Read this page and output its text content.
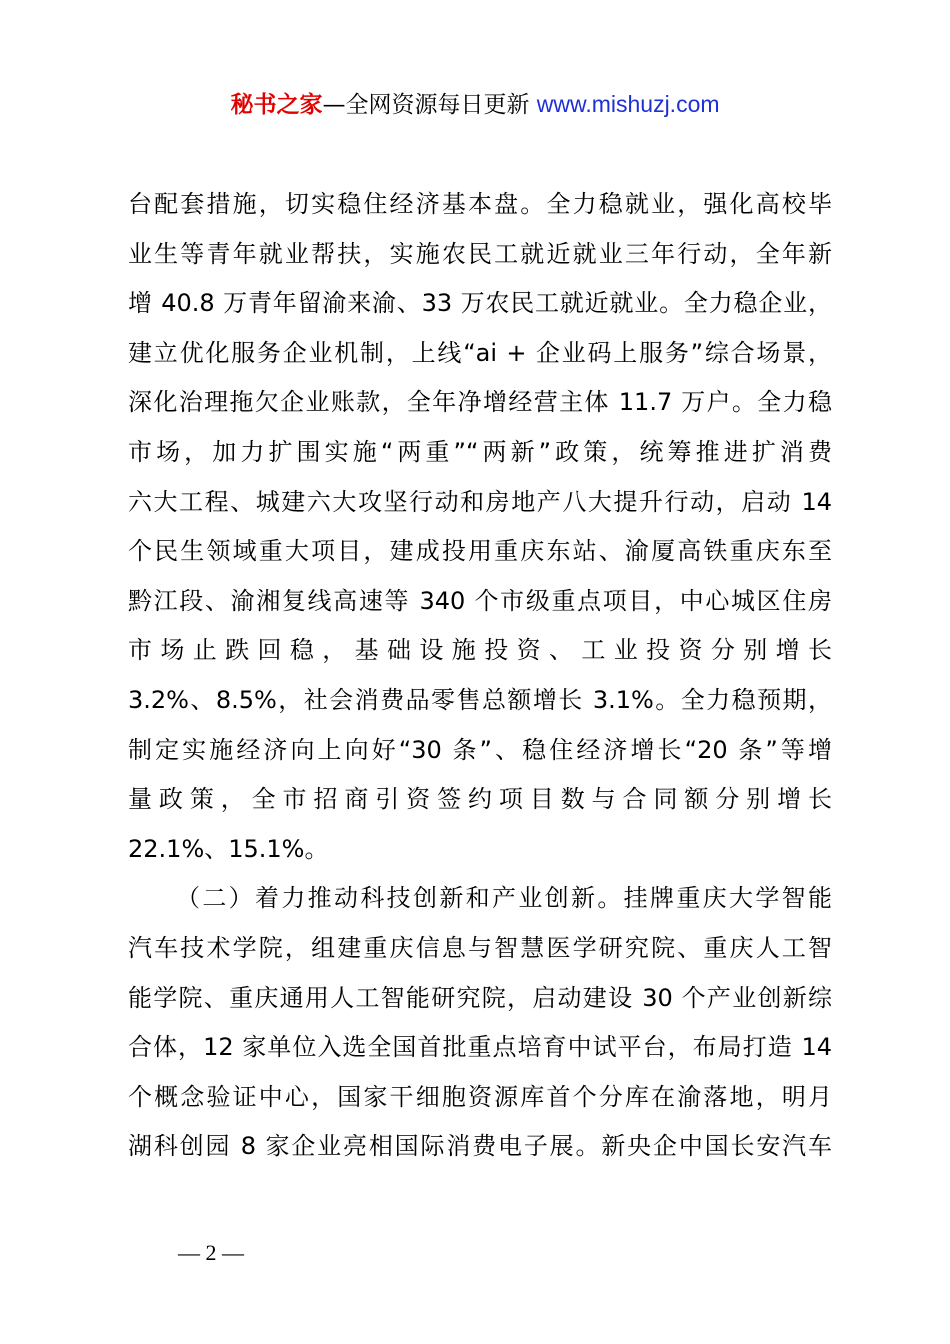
秘书之家—全网资源每日更新 www.mishuzj.com
台配套措施，切实稳住经济基本盘。全力稳就业，强化高校毕
业生等青年就业帮扶，实施农民工就近就业三年行动，全年新
增 40.8 万青年留渝来渝、33 万农民工就近就业。全力稳企业，
建立优化服务企业机制，上线“ai + 企业码上服务”综合场景，
深化治理拖欠企业账款，全年净增经营主体 11.7 万户。全力稳
市场，加力扩围实施“两重”“两新”政策，统筹推进扩消费
六大工程、城建六大攻坚行动和房地产八大提升行动，启动 14
个民生领域重大项目，建成投用重庆东站、渝厦高铁重庆东至
黔江段、渝湘复线高速等 340 个市级重点项目，中心城区住房
市场止跌回稳，基础设施投资、工业投资分别增长
3.2%、8.5%，社会消费品零售总额增长 3.1%。全力稳预期，
制定实施经济向上向好“30 条”、稳住经济增长“20 条”等增
量政策，全市招商引资签约项目数与合同额分别增长
22.1%、15.1%。
（二）着力推动科技创新和产业创新。挂牌重庆大学智能
汽车技术学院，组建重庆信息与智慧医学研究院、重庆人工智
能学院、重庆通用人工智能研究院，启动建设 30 个产业创新综
合体，12 家单位入选全国首批重点培育中试平台，布局打造 14
个概念验证中心，国家干细胞资源库首个分库在渝落地，明月
湖科创园 8 家企业亮相国际消费电子展。新央企中国长安汽车
— 2 —
